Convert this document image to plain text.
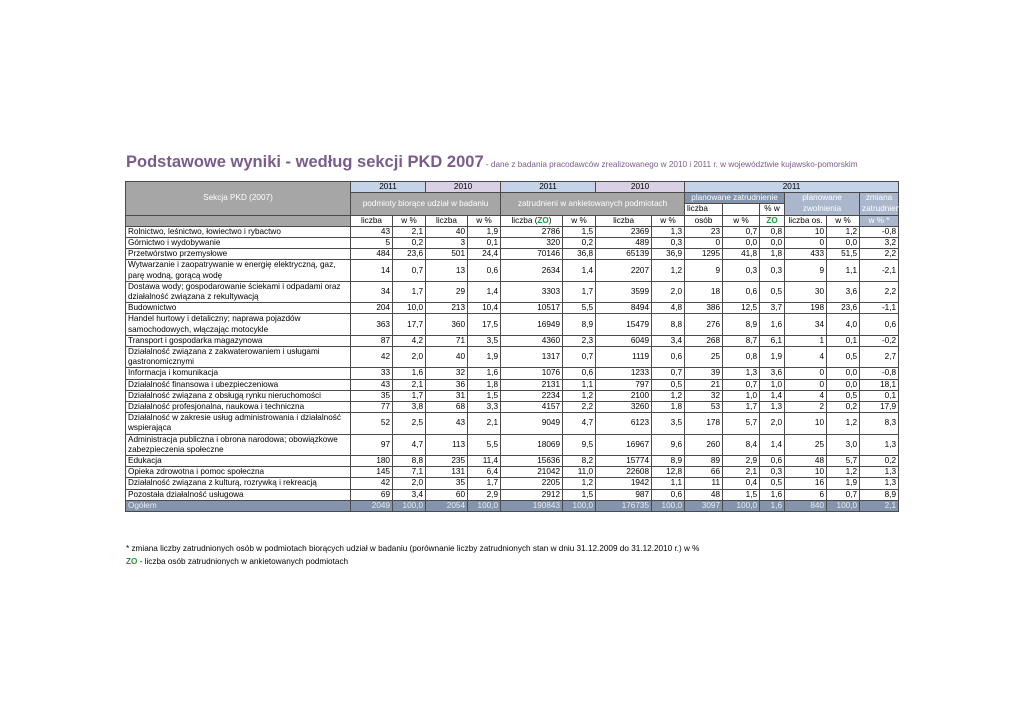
Podstawowe wyniki - według sekcji PKD 2007 - dane z badania pracodawców zrealizowanego w 2010 i 2011 r. w województwie kujawsko-pomorskim
Sekcja PKD (2007)	2011		2010		2011		2010		2011					
	podmioty biorące udział w badaniu				zatrudnieni w ankietowanych podmiotach				planowane zatrudnienie			planowane zwolnienia		zmiana zatrudnienia
									liczba		% w			
	liczba	w %	liczba	w %	liczba (ZO)	w %	liczba	w %	osób	w %	ZO	liczba os.	w %	w % *
Rolnictwo, leśnictwo, łowiectwo i rybactwo	43	2,1	40	1,9	2786	1,5	2369	1,3	23	0,7	0,8	10	1,2	-0,8
Górnictwo i wydobywanie	5	0,2	3	0,1	320	0,2	489	0,3	0	0,0	0,0	0	0,0	3,2
Przetwórstwo przemysłowe	484	23,6	501	24,4	70146	36,8	65139	36,9	1295	41,8	1,8	433	51,5	2,2
Wytwarzanie i zaopatrywanie w energię elektryczną, gaz, parę wodną, gorącą wodę	14	0,7	13	0,6	2634	1,4	2207	1,2	9	0,3	0,3	9	1,1	-2,1
Dostawa wody; gospodarowanie ściekami i odpadami oraz działalność związana z rekultywacją	34	1,7	29	1,4	3303	1,7	3599	2,0	18	0,6	0,5	30	3,6	2,2
Budownictwo	204	10,0	213	10,4	10517	5,5	8494	4,8	386	12,5	3,7	198	23,6	-1,1
Handel hurtowy i detaliczny; naprawa pojazdów samochodowych, włączając motocykle	363	17,7	360	17,5	16949	8,9	15479	8,8	276	8,9	1,6	34	4,0	0,6
Transport i gospodarka magazynowa	87	4,2	71	3,5	4360	2,3	6049	3,4	268	8,7	6,1	1	0,1	-0,2
Działalność związana z zakwaterowaniem i usługami gastronomicznymi	42	2,0	40	1,9	1317	0,7	1119	0,6	25	0,8	1,9	4	0,5	2,7
Informacja i komunikacja	33	1,6	32	1,6	1076	0,6	1233	0,7	39	1,3	3,6	0	0,0	-0,8
Działalność finansowa i ubezpieczeniowa	43	2,1	36	1,8	2131	1,1	797	0,5	21	0,7	1,0	0	0,0	18,1
Działalność związana z obsługą rynku nieruchomości	35	1,7	31	1,5	2234	1,2	2100	1,2	32	1,0	1,4	4	0,5	0,1
Działalność profesjonalna, naukowa i techniczna	77	3,8	68	3,3	4157	2,2	3260	1,8	53	1,7	1,3	2	0,2	17,9
Działalność w zakresie usług administrowania i działalność wspierająca	52	2,5	43	2,1	9049	4,7	6123	3,5	178	5,7	2,0	10	1,2	8,3
Administracja publiczna i obrona narodowa; obowiązkowe zabezpieczenia społeczne	97	4,7	113	5,5	18069	9,5	16967	9,6	260	8,4	1,4	25	3,0	1,3
Edukacja	180	8,8	235	11,4	15636	8,2	15774	8,9	89	2,9	0,6	48	5,7	0,2
Opieka zdrowotna i pomoc społeczna	145	7,1	131	6,4	21042	11,0	22608	12,8	66	2,1	0,3	10	1,2	1,3
Działalność związana z kulturą, rozrywką i rekreacją	42	2,0	35	1,7	2205	1,2	1942	1,1	11	0,4	0,5	16	1,9	1,3
Pozostała działalność usługowa	69	3,4	60	2,9	2912	1,5	987	0,6	48	1,5	1,6	6	0,7	8,9
Ogółem	2049	100,0	2054	100,0	190843	100,0	176735	100,0	3097	100,0	1,6	840	100,0	2,1
* zmiana liczby zatrudnionych osób w podmiotach biorących udział w badaniu (porównanie liczby zatrudnionych stan w dniu 31.12.2009 do 31.12.2010 r.) w %
ZO - liczba osób zatrudnionych w ankietowanych podmiotach
